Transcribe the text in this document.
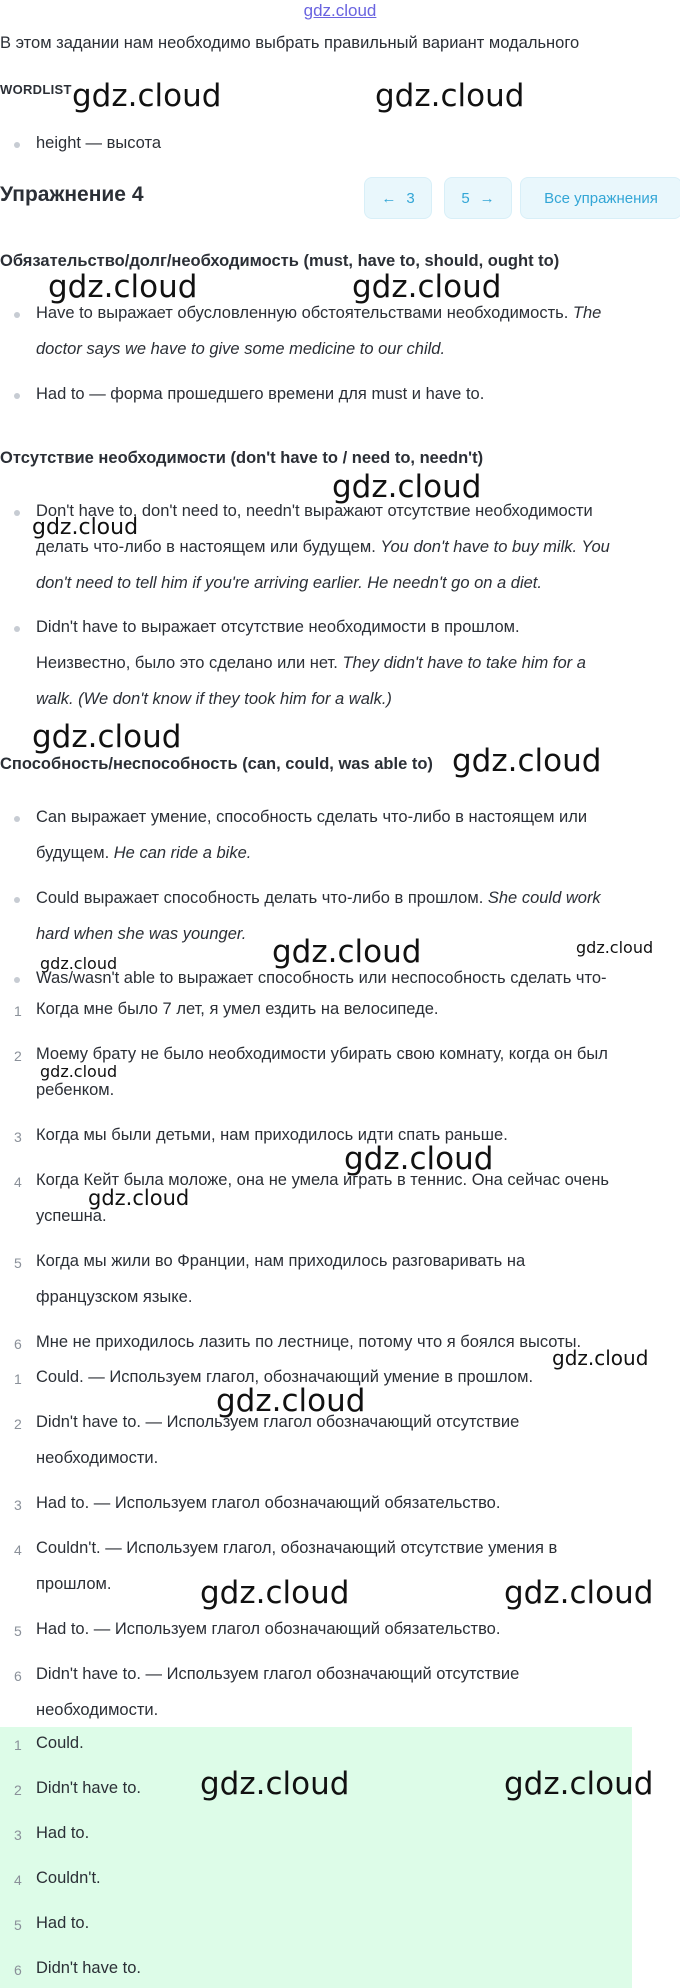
gdz.cloud
В этом задании нам необходимо выбрать правильный вариант модального
WORDLIST
height — высота
Упражнение 4	← 3	5 →	Все упражнения
Обязательство/долг/необходимость (must, have to, should, ought to)
Have to выражает обусловленную обстоятельствами необходимость. The
doctor says we have to give some medicine to our child.
Had to — форма прошедшего времени для must и have to.
Отсутствие необходимости (don't have to / need to, needn't)
Don't have to, don't need to, needn't выражают отсутствие необходимости
делать что-либо в настоящем или будущем. You don't have to buy milk. You
don't need to tell him if you're arriving earlier. He needn't go on a diet.
Didn't have to выражает отсутствие необходимости в прошлом.
Неизвестно, было это сделано или нет. They didn't have to take him for a
walk. (We don't know if they took him for a walk.)
Способность/неспособность (can, could, was able to)
Can выражает умение, способность сделать что-либо в настоящем или
будущем. He can ride a bike.
Could выражает способность делать что-либо в прошлом. She could work
hard when she was younger.
Was/wasn't able to выражает способность или неспособность сделать что-
1 Когда мне было 7 лет, я умел ездить на велосипеде.
2 Моему брату не было необходимости убирать свою комнату, когда он был
ребенком.
3 Когда мы были детьми, нам приходилось идти спать раньше.
4 Когда Кейт была моложе, она не умела играть в теннис. Она сейчас очень
успешна.
5 Когда мы жили во Франции, нам приходилось разговаривать на
французском языке.
6 Мне не приходилось лазить по лестнице, потому что я боялся высоты.
1 Could. — Используем глагол, обозначающий умение в прошлом.
2 Didn't have to. — Используем глагол обозначающий отсутствие
необходимости.
3 Had to. — Используем глагол обозначающий обязательство.
4 Couldn't. — Используем глагол, обозначающий отсутствие умения в
прошлом.
5 Had to. — Используем глагол обозначающий обязательство.
6 Didn't have to. — Используем глагол обозначающий отсутствие
необходимости.
1 Could.
2 Didn't have to.
3 Had to.
4 Couldn't.
5 Had to.
6 Didn't have to.
gdz.cloud	gdz.cloud
gdz.cloud	gdz.cloud
gdz.cloud
gdz.cloud
gdz.cloud
gdz.cloud
gdz.cloud	gdz.cloud
gdz.cloud
gdz.cloud
gdz.cloud
gdz.cloud
gdz.cloud
gdz.cloud
gdz.cloud	gdz.cloud
gdz.cloud	gdz.cloud
